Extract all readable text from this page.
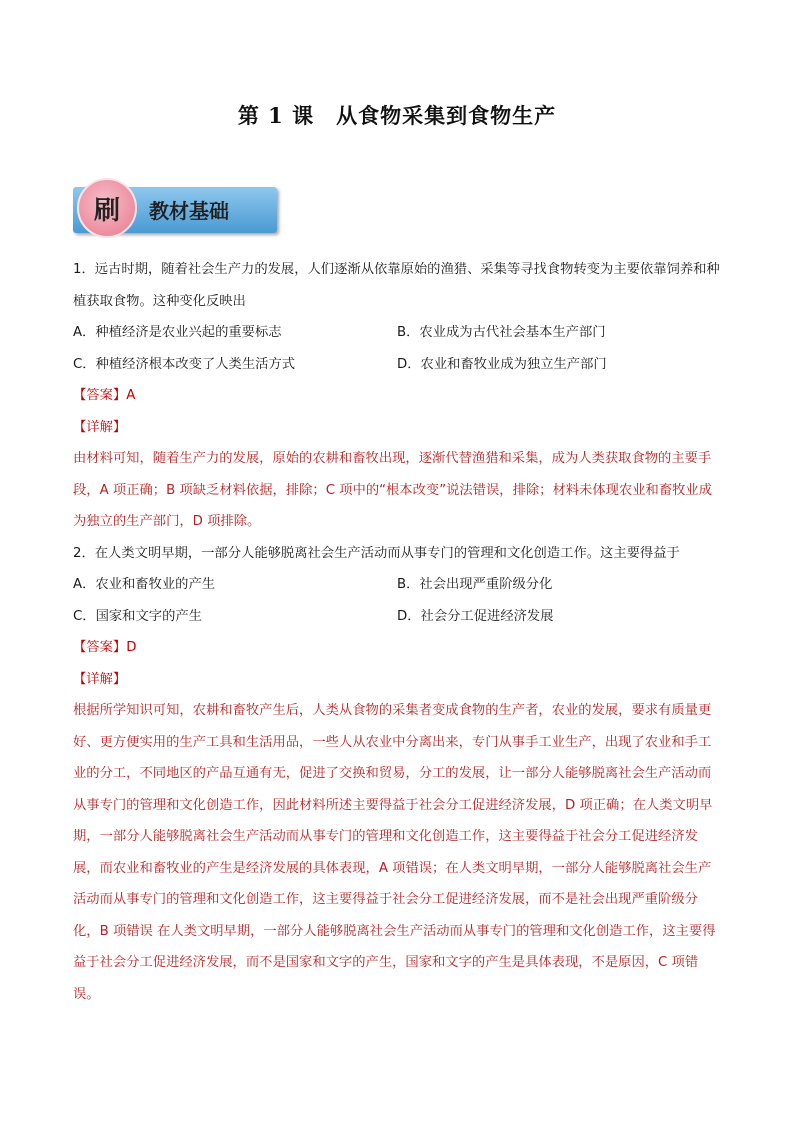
第 1 课 从食物采集到食物生产
刷	教材基础

1．远古时期，随着社会生产力的发展，人们逐渐从依靠原始的渔猎、采集等寻找食物转变为主要依靠饲养和种植获取食物。这种变化反映出

A．种植经济是农业兴起的重要标志	B．农业成为古代社会基本生产部门
C．种植经济根本改变了人类生活方式	D．农业和畜牧业成为独立生产部门
【答案】A
【详解】

由材料可知，随着生产力的发展，原始的农耕和畜牧出现，逐渐代替渔猎和采集，成为人类获取食物的主要手段，A 项正确；B 项缺乏材料依据，排除；C 项中的“根本改变”说法错误，排除；材料未体现农业和畜牧业成为独立的生产部门，D 项排除。

2．在人类文明早期，一部分人能够脱离社会生产活动而从事专门的管理和文化创造工作。这主要得益于

A．农业和畜牧业的产生	B．社会出现严重阶级分化
C．国家和文字的产生	D．社会分工促进经济发展
【答案】D
【详解】

根据所学知识可知，农耕和畜牧产生后，人类从食物的采集者变成食物的生产者，农业的发展，要求有质量更好、更方便实用的生产工具和生活用品，一些人从农业中分离出来，专门从事手工业生产，出现了农业和手工业的分工，不同地区的产品互通有无，促进了交换和贸易，分工的发展，让一部分人能够脱离社会生产活动而从事专门的管理和文化创造工作，因此材料所述主要得益于社会分工促进经济发展，D 项正确；在人类文明早期，一部分人能够脱离社会生产活动而从事专门的管理和文化创造工作，这主要得益于社会分工促进经济发展，而农业和畜牧业的产生是经济发展的具体表现，A 项错误；在人类文明早期，一部分人能够脱离社会生产活动而从事专门的管理和文化创造工作，这主要得益于社会分工促进经济发展，而不是社会出现严重阶级分化，B 项错误 在人类文明早期，一部分人能够脱离社会生产活动而从事专门的管理和文化创造工作，这主要得益于社会分工促进经济发展，而不是国家和文字的产生，国家和文字的产生是具体表现，不是原因，C 项错误。
